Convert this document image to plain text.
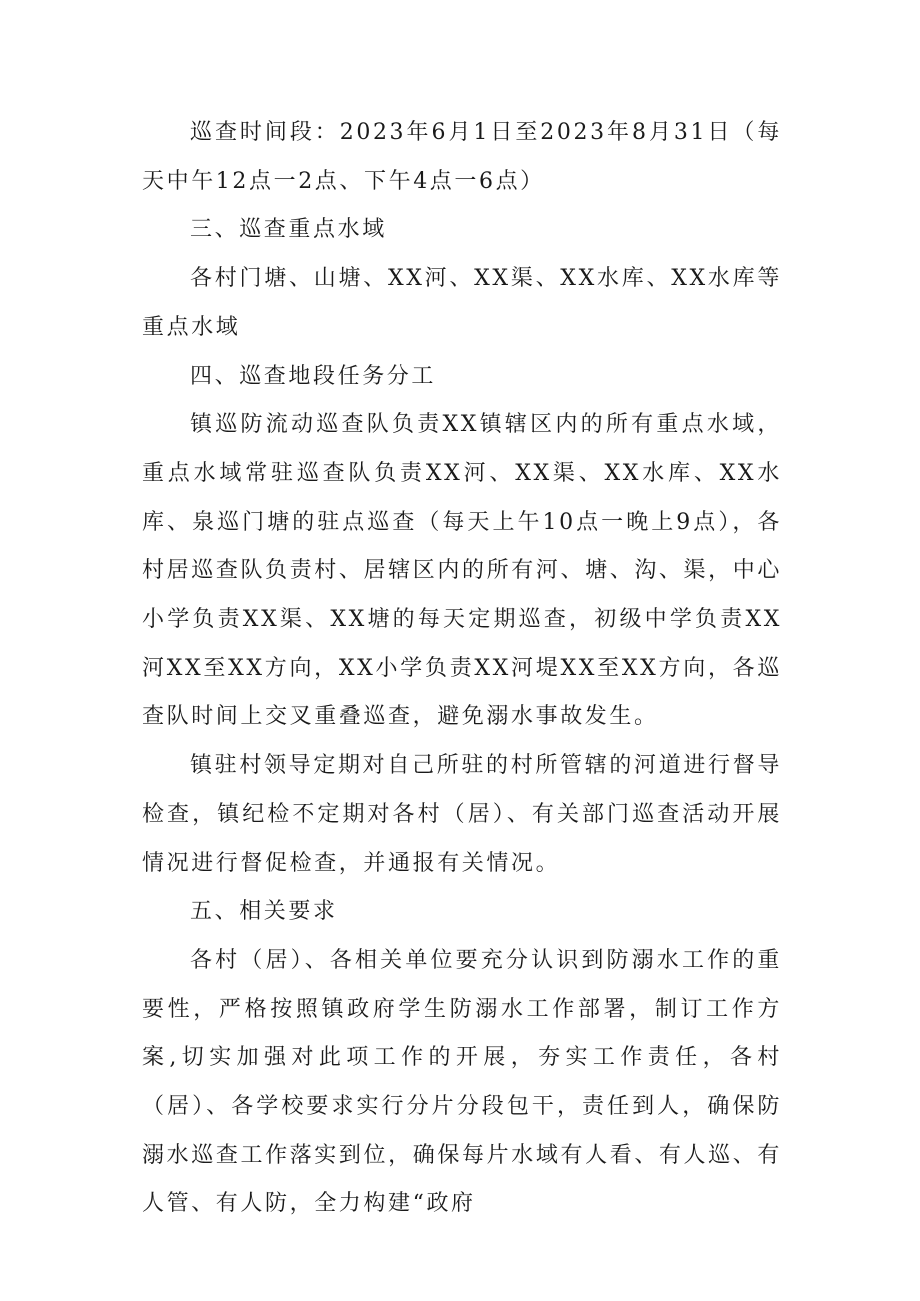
巡查时间段：2023年6月1日至2023年8月31日（每天中午12点一2点、下午4点一6点）

三、巡查重点水域

各村门塘、山塘、XX河、XX渠、XX水库、XX水库等重点水域

四、巡查地段任务分工

镇巡防流动巡查队负责XX镇辖区内的所有重点水域，重点水域常驻巡查队负责XX河、XX渠、XX水库、XX水库、泉巡门塘的驻点巡查（每天上午10点一晚上9点），各村居巡查队负责村、居辖区内的所有河、塘、沟、渠，中心小学负责XX渠、XX塘的每天定期巡查，初级中学负责XX河XX至XX方向，XX小学负责XX河堤XX至XX方向，各巡查队时间上交叉重叠巡查，避免溺水事故发生。

镇驻村领导定期对自己所驻的村所管辖的河道进行督导检查，镇纪检不定期对各村（居）、有关部门巡查活动开展情况进行督促检查，并通报有关情况。

五、相关要求

各村（居）、各相关单位要充分认识到防溺水工作的重要性，严格按照镇政府学生防溺水工作部署，制订工作方案,切实加强对此项工作的开展，夯实工作责任，各村（居）、各学校要求实行分片分段包干，责任到人，确保防溺水巡查工作落实到位，确保每片水域有人看、有人巡、有人管、有人防，全力构建“政府
